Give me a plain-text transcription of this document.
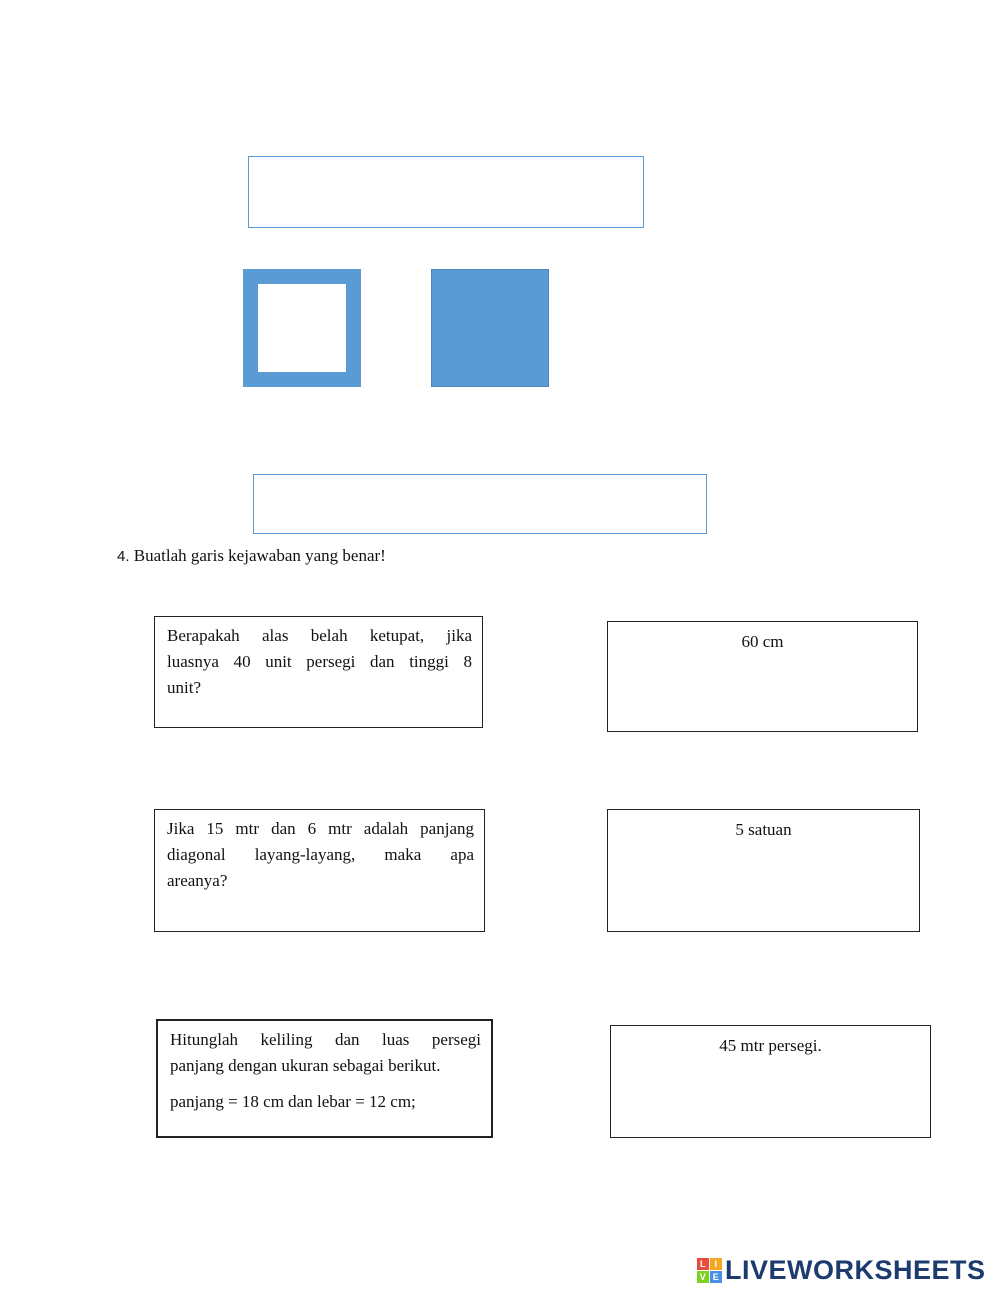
4. Buatlah garis kejawaban yang benar!
Berapakah alas belah ketupat, jika
luasnya 40 unit persegi dan tinggi 8
unit?
60 cm
Jika 15 mtr dan 6 mtr adalah panjang
diagonal layang-layang, maka apa
areanya?
5 satuan
Hitunglah keliling dan luas persegi
panjang dengan ukuran sebagai berikut.
panjang = 18 cm dan lebar = 12 cm;
45 mtr persegi.
L I
V E LIVEWORKSHEETS
